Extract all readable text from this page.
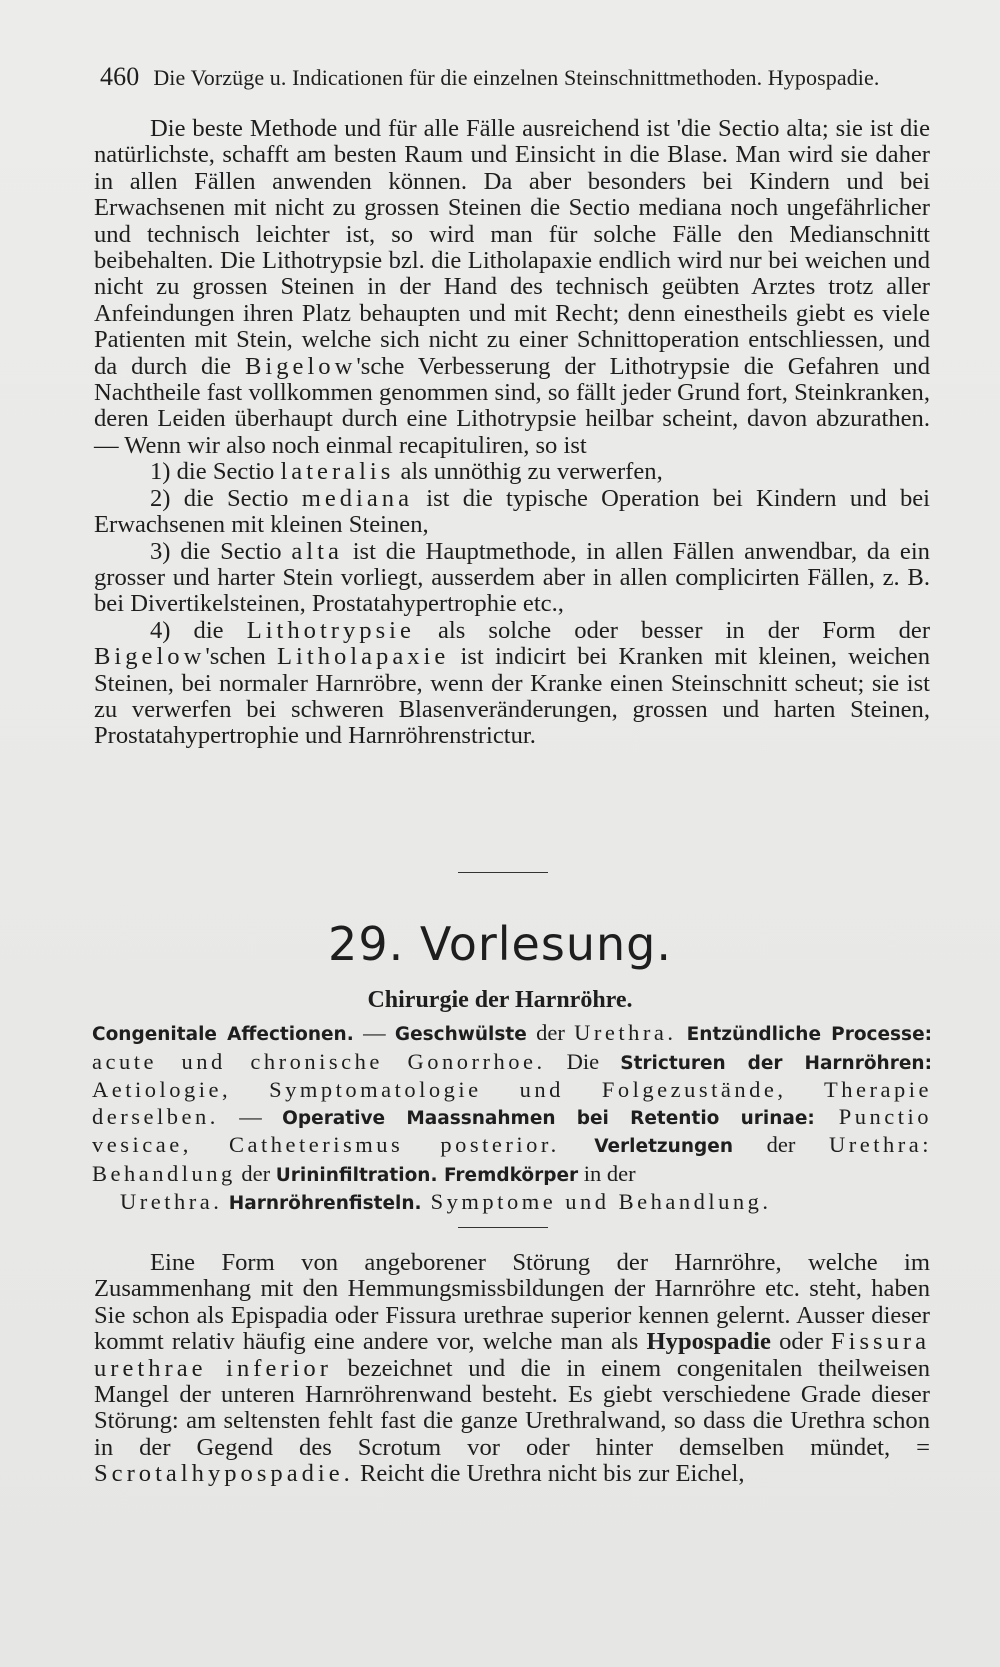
460 Die Vorzüge u. Indicationen für die einzelnen Steinschnittmethoden. Hypospadie.

Die beste Methode und für alle Fälle ausreichend ist 'die Sectio alta; sie ist die natürlichste, schafft am besten Raum und Einsicht in die Blase. Man wird sie daher in allen Fällen anwenden können. Da aber besonders bei Kindern und bei Erwachsenen mit nicht zu grossen Steinen die Sectio mediana noch ungefährlicher und technisch leichter ist, so wird man für solche Fälle den Medianschnitt beibehalten. Die Lithotrypsie bzl. die Litholapaxie endlich wird nur bei weichen und nicht zu grossen Steinen in der Hand des technisch geübten Arztes trotz aller Anfeindungen ihren Platz behaupten und mit Recht; denn einestheils giebt es viele Patienten mit Stein, welche sich nicht zu einer Schnittoperation entschliessen, und da durch die Bigelow'sche Verbesserung der Lithotrypsie die Gefahren und Nachtheile fast vollkommen genommen sind, so fällt jeder Grund fort, Steinkranken, deren Leiden überhaupt durch eine Lithotrypsie heilbar scheint, davon abzurathen. — Wenn wir also noch einmal recapituliren, so ist

1) die Sectio lateralis als unnöthig zu verwerfen,

2) die Sectio mediana ist die typische Operation bei Kindern und bei Erwachsenen mit kleinen Steinen,

3) die Sectio alta ist die Hauptmethode, in allen Fällen anwendbar, da ein grosser und harter Stein vorliegt, ausserdem aber in allen complicirten Fällen, z. B. bei Divertikelsteinen, Prostatahypertrophie etc.,

4) die Lithotrypsie als solche oder besser in der Form der Bigelow'schen Litholapaxie ist indicirt bei Kranken mit kleinen, weichen Steinen, bei normaler Harnröbre, wenn der Kranke einen Steinschnitt scheut; sie ist zu verwerfen bei schweren Blasenveränderungen, grossen und harten Steinen, Prostatahypertrophie und Harnröhrenstrictur.

29. Vorlesung.
Chirurgie der Harnröhre.

Congenitale Affectionen. — Geschwülste der Urethra. Entzündliche Processe: acute und chronische Gonorrhoe. Die Stricturen der Harnröhren: Aetiologie, Symptomatologie und Folgezustände, Therapie derselben. — Operative Maassnahmen bei Retentio urinae: Punctio vesicae, Catheterismus posterior. Verletzungen der Urethra: Behandlung der Urininfiltration. Fremdkörper in der

Urethra. Harnröhrenfisteln. Symptome und Behandlung.

Eine Form von angeborener Störung der Harnröhre, welche im Zusammenhang mit den Hemmungsmissbildungen der Harnröhre etc. steht, haben Sie schon als Epispadia oder Fissura urethrae superior kennen gelernt. Ausser dieser kommt relativ häufig eine andere vor, welche man als Hypospadie oder Fissura urethrae inferior bezeichnet und die in einem congenitalen theilweisen Mangel der unteren Harnröhrenwand besteht. Es giebt verschiedene Grade dieser Störung: am seltensten fehlt fast die ganze Urethralwand, so dass die Urethra schon in der Gegend des Scrotum vor oder hinter demselben mündet, = Scrotalhypospadie. Reicht die Urethra nicht bis zur Eichel,
